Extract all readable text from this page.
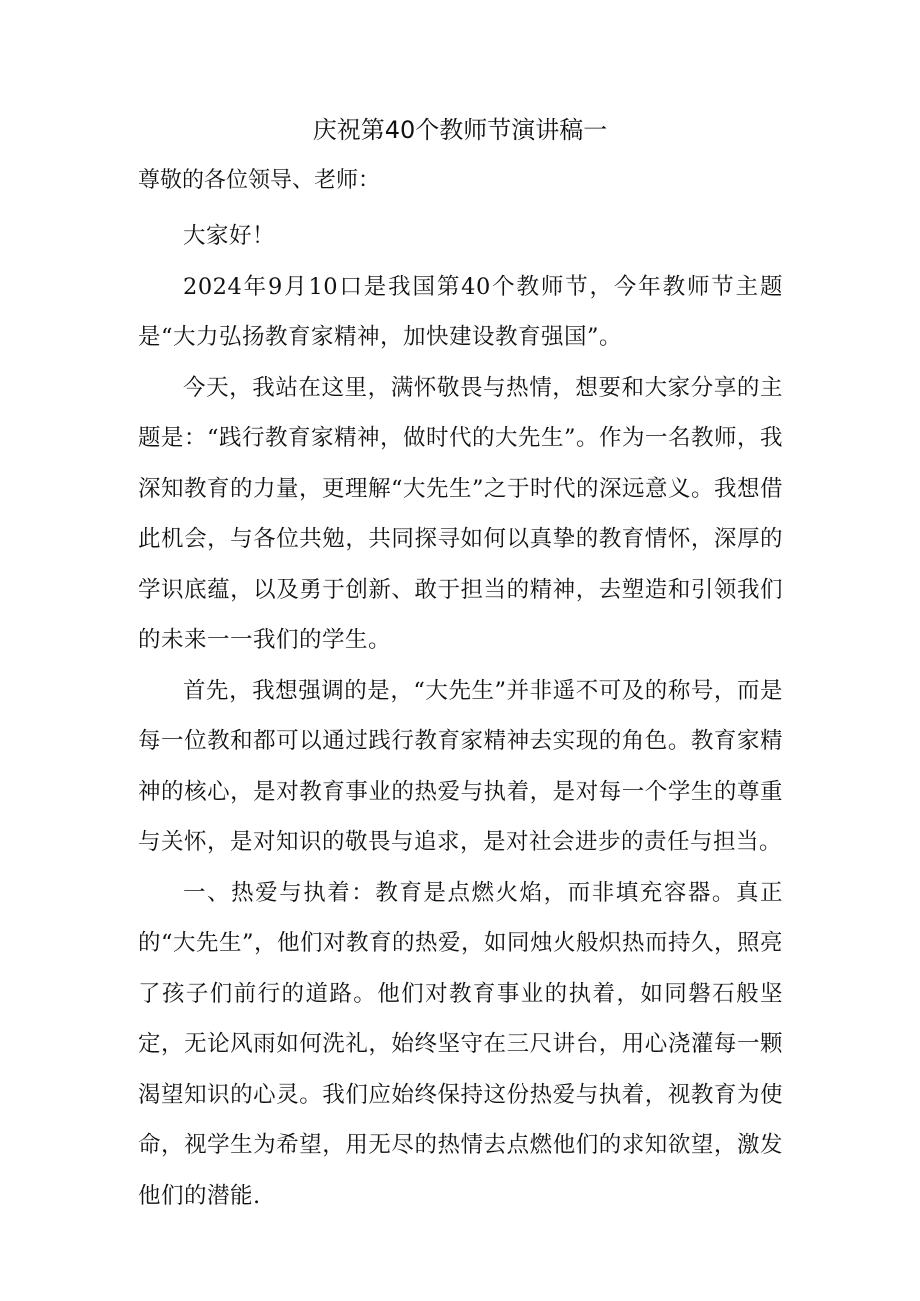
庆祝第40个教师节演讲稿一

尊敬的各位领导、老师：

大家好！

2024年9月10口是我国第40个教师节，今年教师节主题是“大力弘扬教育家精神，加快建设教育强国”。

今天，我站在这里，满怀敬畏与热情，想要和大家分享的主题是：“践行教育家精神，做时代的大先生”。作为一名教师，我深知教育的力量，更理解“大先生”之于时代的深远意义。我想借此机会，与各位共勉，共同探寻如何以真挚的教育情怀，深厚的学识底蕴，以及勇于创新、敢于担当的精神，去塑造和引领我们的未来一一我们的学生。

首先，我想强调的是，“大先生”并非遥不可及的称号，而是每一位教和都可以通过践行教育家精神去实现的角色。教育家精神的核心，是对教育事业的热爱与执着，是对每一个学生的尊重与关怀，是对知识的敬畏与追求，是对社会进步的责任与担当。

一、热爱与执着：教育是点燃火焰，而非填充容器。真正的“大先生”，他们对教育的热爱，如同烛火般炽热而持久，照亮了孩子们前行的道路。他们对教育事业的执着，如同磐石般坚定，无论风雨如何洗礼，始终坚守在三尺讲台，用心浇灌每一颗渴望知识的心灵。我们应始终保持这份热爱与执着，视教育为使命，视学生为希望，用无尽的热情去点燃他们的求知欲望，激发他们的潜能.
